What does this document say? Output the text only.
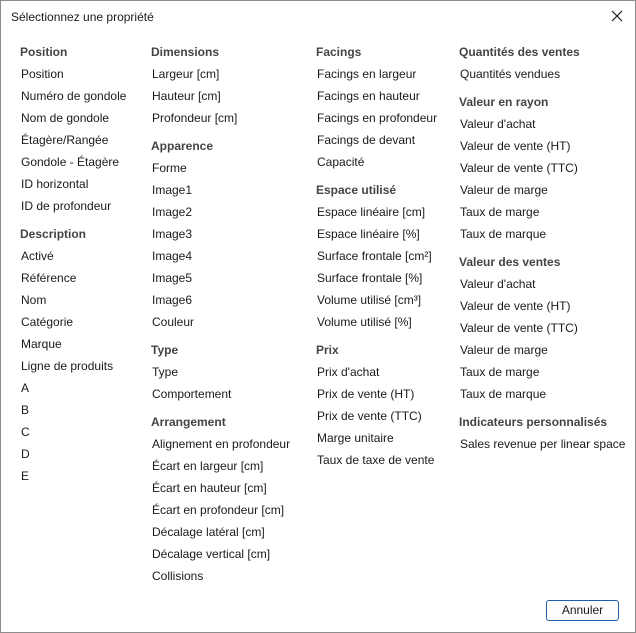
Sélectionnez une propriété
Position
Position
Numéro de gondole
Nom de gondole
Étagère/Rangée
Gondole - Étagère
ID horizontal
ID de profondeur
Description
Activé
Référence
Nom
Catégorie
Marque
Ligne de produits
A
B
C
D
E
Dimensions
Largeur [cm]
Hauteur [cm]
Profondeur [cm]
Apparence
Forme
Image1
Image2
Image3
Image4
Image5
Image6
Couleur
Type
Type
Comportement
Arrangement
Alignement en profondeur
Écart en largeur [cm]
Écart en hauteur [cm]
Écart en profondeur [cm]
Décalage latéral [cm]
Décalage vertical [cm]
Collisions
Facings
Facings en largeur
Facings en hauteur
Facings en profondeur
Facings de devant
Capacité
Espace utilisé
Espace linéaire [cm]
Espace linéaire [%]
Surface frontale [cm²]
Surface frontale [%]
Volume utilisé [cm³]
Volume utilisé [%]
Prix
Prix d'achat
Prix de vente (HT)
Prix de vente (TTC)
Marge unitaire
Taux de taxe de vente
Quantités des ventes
Quantités vendues
Valeur en rayon
Valeur d'achat
Valeur de vente (HT)
Valeur de vente (TTC)
Valeur de marge
Taux de marge
Taux de marque
Valeur des ventes
Valeur d'achat
Valeur de vente (HT)
Valeur de vente (TTC)
Valeur de marge
Taux de marge
Taux de marque
Indicateurs personnalisés
Sales revenue per linear space
Annuler
